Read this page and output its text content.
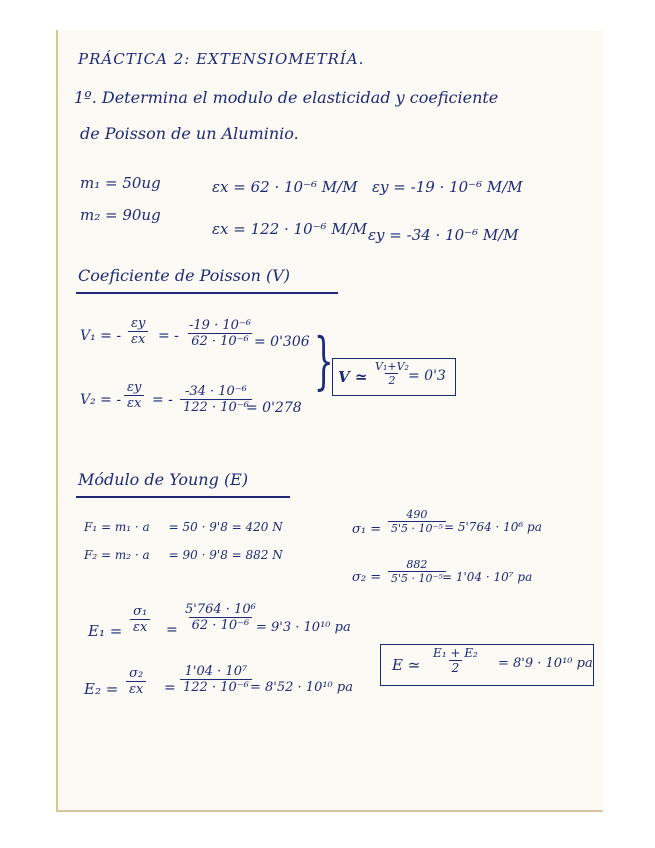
PRÁCTICA 2: EXTENSIOMETRÍA.
1º. Determina el modulo de elasticidad y coeficiente
de Poisson de un Aluminio.
m₁ = 50ug
m₂ = 90ug
εx = 62 · 10⁻⁶ M/M
εx = 122 · 10⁻⁶ M/M
εy = -19 · 10⁻⁶ M/M
εy = -34 · 10⁻⁶ M/M
Coeficiente de Poisson (V)
V₁ = - $\frac{\varepsilon y}{\varepsilon x}$ = - $\frac{\text{-19 · 10⁻⁶}}{\text{62 · 10⁻⁶}} = 0'306$
V₂ = - $\frac{\varepsilon y}{\varepsilon x}$ = - $\frac{\text{-34 · 10⁻⁶}}{\text{122 · 10⁻⁶}}$
= 0'278
} V ≃ $\frac{\text{V₁+V₂}}{2}$
= 0'3
Módulo de Young (E)
F₁ = m₁ · a     = 50 · 9'8 = 420 N
F₂ = m₂ · a     = 90 · 9'8 = 882 N
$\sigma_1 = \frac{490}{\text{5'5 · 10⁻⁵}}$
= 5'764 · 10⁶ pa
$\sigma_2 = \frac{882}{\text{5'5 · 10⁻⁵}}$
= 1'04 · 10⁷ pa
$E_1 = \frac{\text{σ₁}}{\varepsilon x} = \frac{\text{5'764 · 10⁶}}{\text{62 · 10⁻⁶}}$
= 9'3 · 10¹⁰ pa
$E_2 = \frac{\text{σ₂}}{\varepsilon x} = \frac{\text{1'04 · 10⁷}}{\text{122 · 10⁻⁶}}$
= 8'52 · 10¹⁰ pa
E ≃ $\frac{\text{E₁ + E₂}}{2} = 8'9 \cdot 10^{10}$ pa
